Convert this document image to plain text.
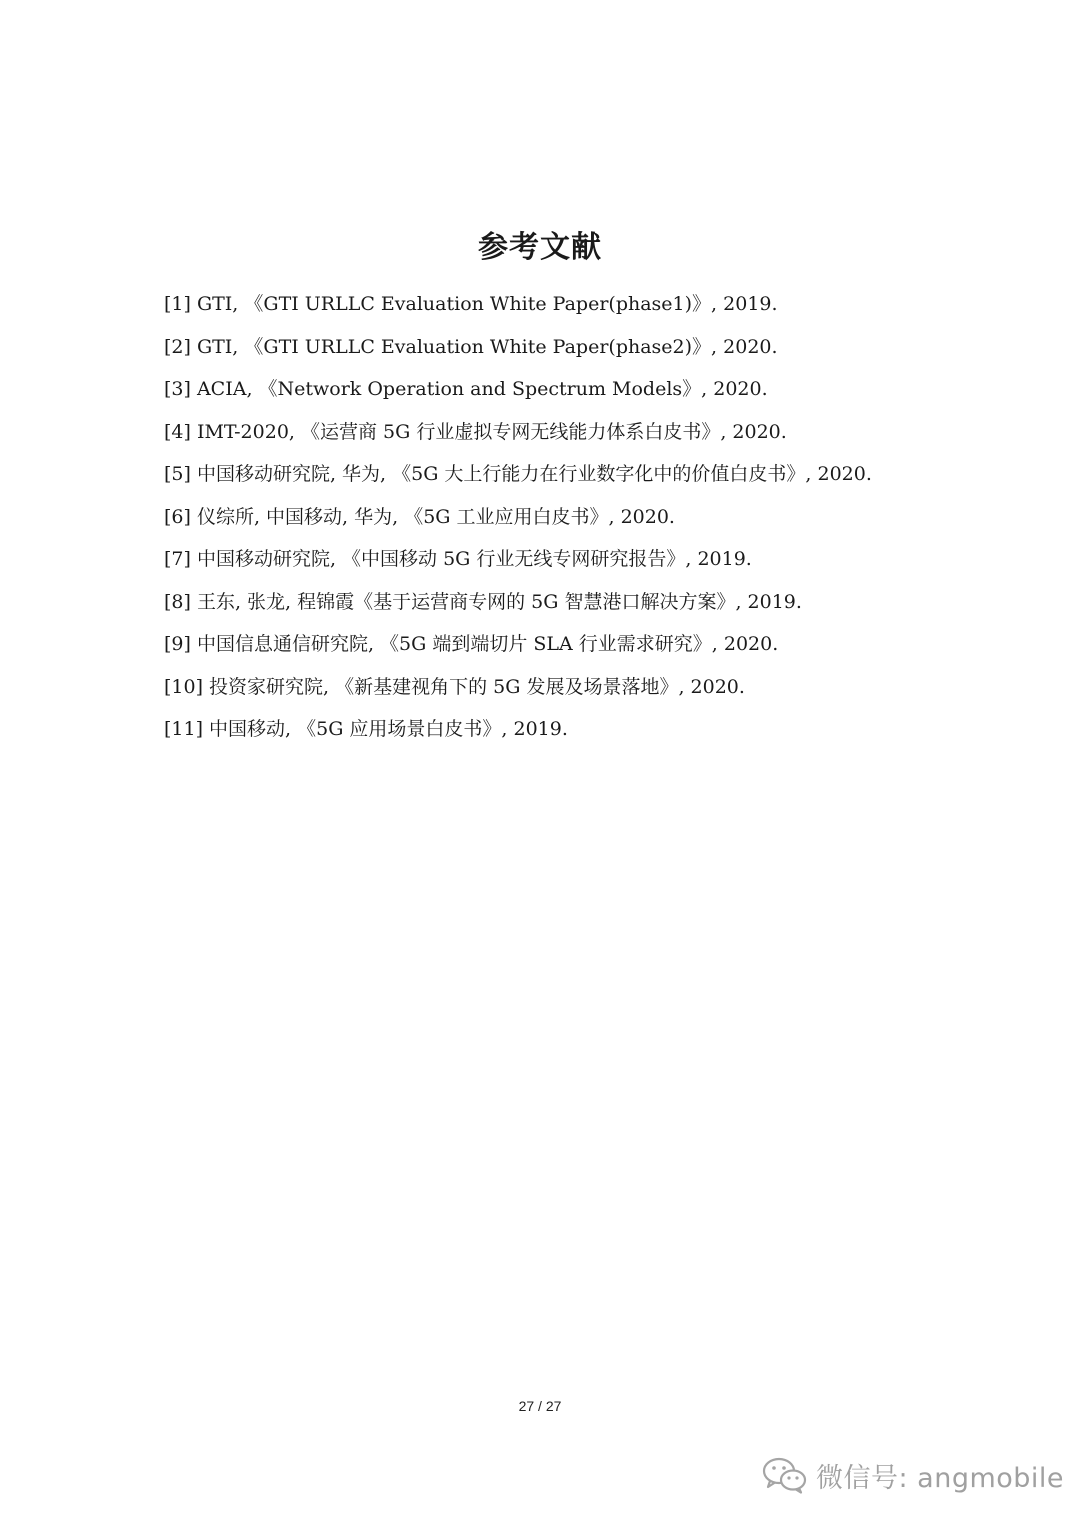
参考文献
[1] GTI, 《GTI URLLC Evaluation White Paper(phase1)》, 2019.
[2] GTI, 《GTI URLLC Evaluation White Paper(phase2)》, 2020.
[3] ACIA, 《Network Operation and Spectrum Models》, 2020.
[4] IMT-2020, 《运营商 5G 行业虚拟专网无线能力体系白皮书》, 2020.
[5] 中国移动研究院, 华为, 《5G 大上行能力在行业数字化中的价值白皮书》, 2020.
[6] 仪综所, 中国移动, 华为, 《5G 工业应用白皮书》, 2020.
[7] 中国移动研究院, 《中国移动 5G 行业无线专网研究报告》, 2019.
[8] 王东, 张龙, 程锦霞《基于运营商专网的 5G 智慧港口解决方案》, 2019.
[9] 中国信息通信研究院, 《5G 端到端切片 SLA 行业需求研究》, 2020.
[10] 投资家研究院, 《新基建视角下的 5G 发展及场景落地》, 2020.
[11] 中国移动, 《5G 应用场景白皮书》, 2019.
27 / 27
微信号: angmobile
